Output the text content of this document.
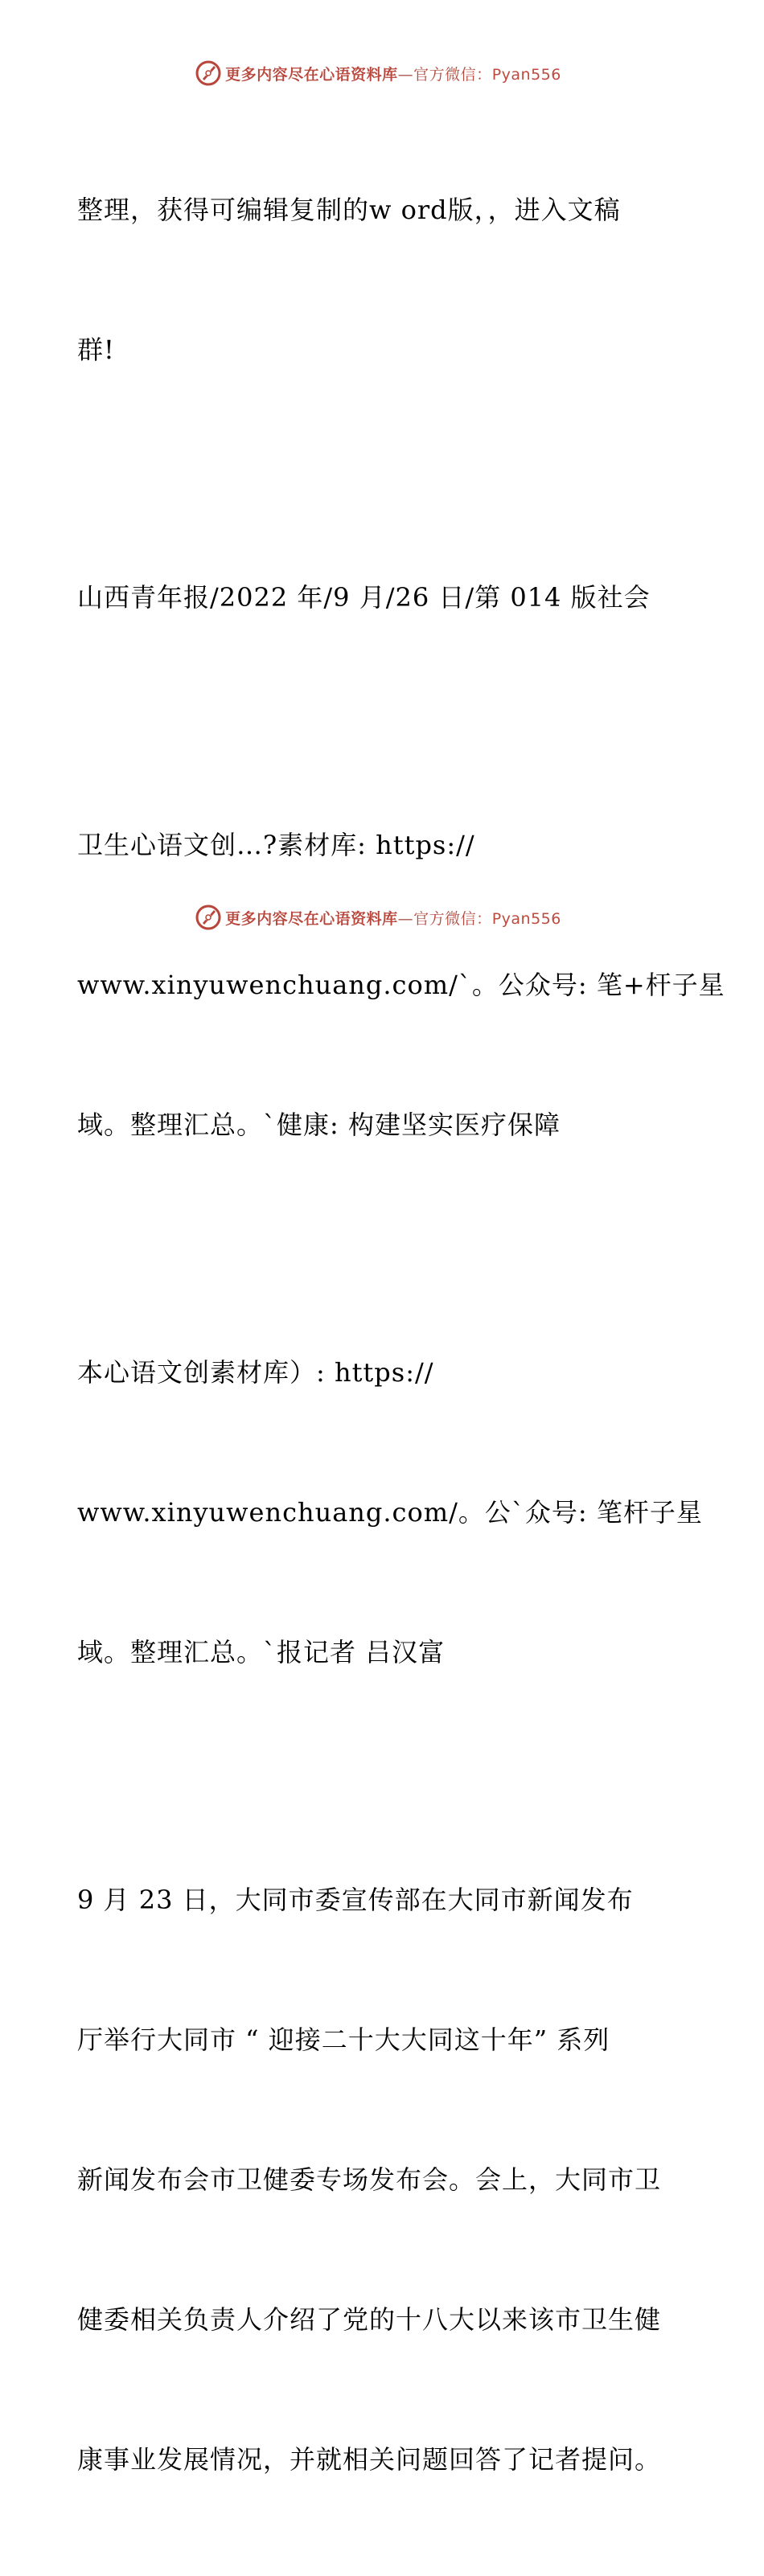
更多内容尽在心语资料库—官方微信：Pyan556

整理，获得可编辑复制的w ord版，，进入文稿

群!

山西青年报/2022 年/9 月/26 日/第 014 版社会

卫生心语文创…?素材库: https://

www.xinyuwenchuang.com/`。公众号: 笔+杆子星

域。整理汇总。`健康: 构建坚实医疗保障

本心语文创素材库）: https://

www.xinyuwenchuang.com/。公`众号: 笔杆子星

域。整理汇总。`报记者 吕汉富

9 月 23 日，大同市委宣传部在大同市新闻发布

厅举行大同市 “ 迎接二十大大同这十年” 系列

新闻发布会市卫健委专场发布会。会上，大同市卫

健委相关负责人介绍了党的十八大以来该市卫生健

康事业发展情况，并就相关问题回答了记者提问。

更多内容尽在心语资料库—官方微信：Pyan556
